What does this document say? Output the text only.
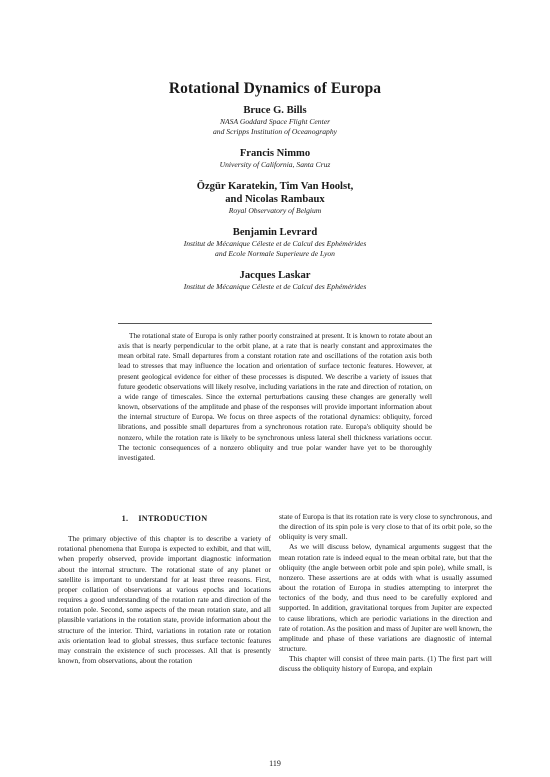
Rotational Dynamics of Europa
Bruce G. Bills
NASA Goddard Space Flight Center
and Scripps Institution of Oceanography
Francis Nimmo
University of California, Santa Cruz
Özgür Karatekin, Tim Van Hoolst,
and Nicolas Rambaux
Royal Observatory of Belgium
Benjamin Levrard
Institut de Mécanique Céleste et de Calcul des Ephémérides
and Ecole Normale Superieure de Lyon
Jacques Laskar
Institut de Mécanique Céleste et de Calcul des Ephémérides

The rotational state of Europa is only rather poorly constrained at present. It is known to rotate about an axis that is nearly perpendicular to the orbit plane, at a rate that is nearly constant and approximates the mean orbital rate. Small departures from a constant rotation rate and oscillations of the rotation axis both lead to stresses that may influence the location and orientation of surface tectonic features. However, at present geological evidence for either of these processes is disputed. We describe a variety of issues that future geodetic observations will likely resolve, including variations in the rate and direction of rotation, on a wide range of timescales. Since the external perturbations causing these changes are generally well known, observations of the amplitude and phase of the responses will provide important information about the internal structure of Europa. We focus on three aspects of the rotational dynamics: obliquity, forced librations, and possible small departures from a synchronous rotation rate. Europa's obliquity should be nonzero, while the rotation rate is likely to be synchronous unless lateral shell thickness variations occur. The tectonic consequences of a nonzero obliquity and true polar wander have yet to be thoroughly investigated.

1. INTRODUCTION

The primary objective of this chapter is to describe a variety of rotational phenomena that Europa is expected to exhibit, and that will, when properly observed, provide important diagnostic information about the internal structure. The rotational state of any planet or satellite is important to understand for at least three reasons. First, proper collation of observations at various epochs and locations requires a good understanding of the rotation rate and direction of the rotation pole. Second, some aspects of the mean rotation state, and all plausible variations in the rotation state, provide information about the structure of the interior. Third, variations in rotation rate or rotation axis orientation lead to global stresses, thus surface tectonic features may constrain the existence of such processes. All that is presently known, from observations, about the rotation

state of Europa is that its rotation rate is very close to synchronous, and the direction of its spin pole is very close to that of its orbit pole, so the obliquity is very small.

As we will discuss below, dynamical arguments suggest that the mean rotation rate is indeed equal to the mean orbital rate, but that the obliquity (the angle between orbit pole and spin pole), while small, is nonzero. These assertions are at odds with what is usually assumed about the rotation of Europa in studies attempting to interpret the tectonics of the body, and thus need to be carefully explored and supported. In addition, gravitational torques from Jupiter are expected to cause librations, which are periodic variations in the direction and rate of rotation. As the position and mass of Jupiter are well known, the amplitude and phase of these variations are diagnostic of internal structure.

This chapter will consist of three main parts. (1) The first part will discuss the obliquity history of Europa, and explain

119
